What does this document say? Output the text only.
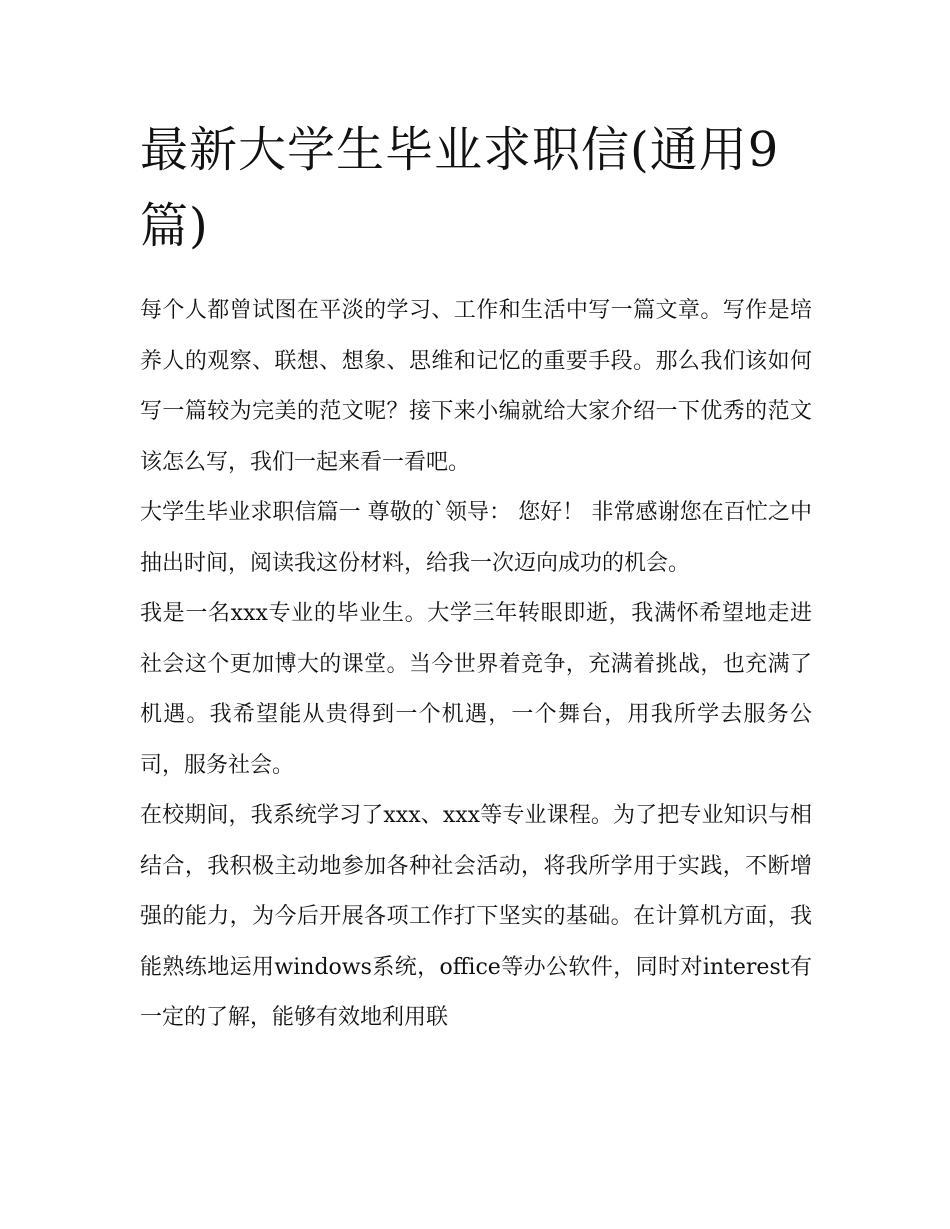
最新大学生毕业求职信(通用9篇)

每个人都曾试图在平淡的学习、工作和生活中写一篇文章。写作是培养人的观察、联想、想象、思维和记忆的重要手段。那么我们该如何写一篇较为完美的范文呢？接下来小编就给大家介绍一下优秀的范文该怎么写，我们一起来看一看吧。

大学生毕业求职信篇一 尊敬的`领导： 您好！ 非常感谢您在百忙之中抽出时间，阅读我这份材料，给我一次迈向成功的机会。

我是一名xxx专业的毕业生。大学三年转眼即逝，我满怀希望地走进社会这个更加博大的课堂。当今世界着竞争，充满着挑战，也充满了机遇。我希望能从贵得到一个机遇，一个舞台，用我所学去服务公司，服务社会。

在校期间，我系统学习了xxx、xxx等专业课程。为了把专业知识与相结合，我积极主动地参加各种社会活动，将我所学用于实践，不断增强的能力，为今后开展各项工作打下坚实的基础。在计算机方面，我能熟练地运用windows系统，office等办公软件，同时对interest有一定的了解，能够有效地利用联
